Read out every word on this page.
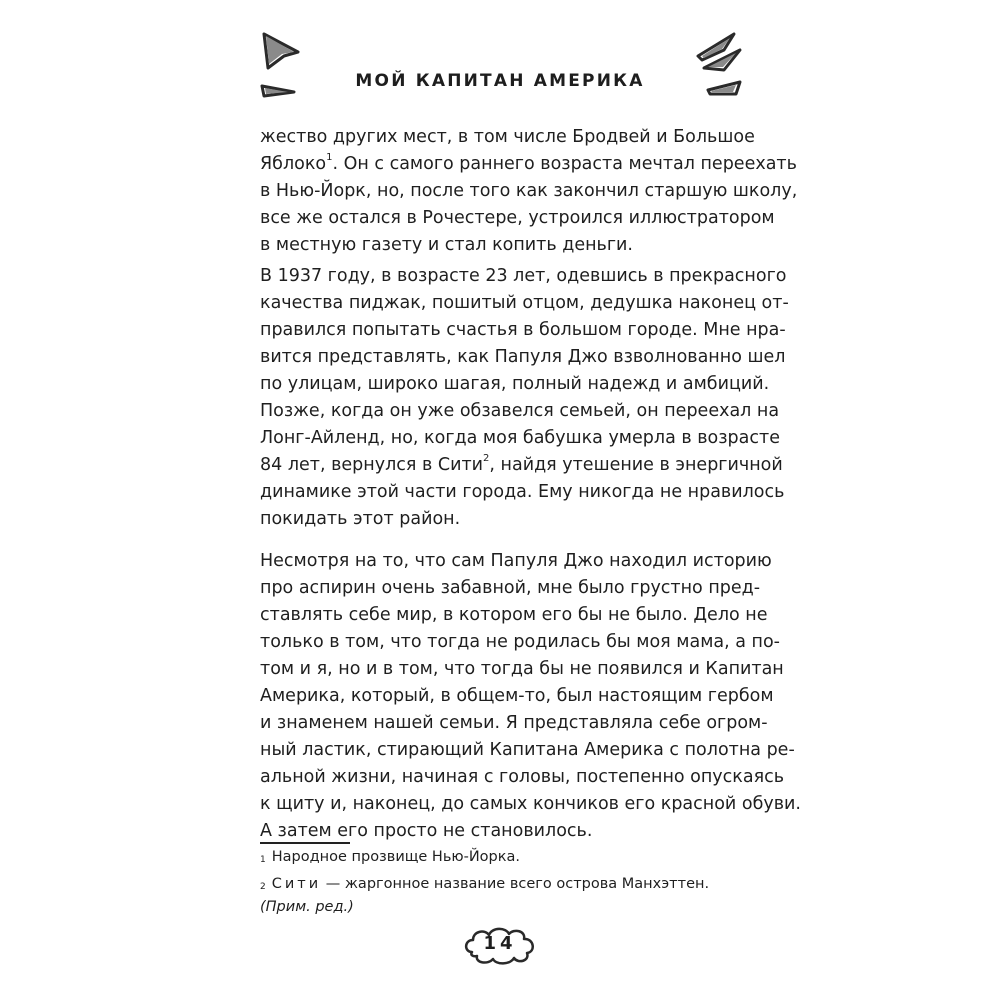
МОЙ КАПИТАН АМЕРИКА
жество других мест, в том числе Бродвей и Большое
Яблоко$^1$. Он с самого раннего возраста мечтал переехать
в Нью-Йорк, но, после того как закончил старшую школу,
все же остался в Рочестере, устроился иллюстратором
в местную газету и стал копить деньги.
В 1937 году, в возрасте 23 лет, одевшись в прекрасного
качества пиджак, пошитый отцом, дедушка наконец от-
правился попытать счастья в большом городе. Мне нра-
вится представлять, как Папуля Джо взволнованно шел
по улицам, широко шагая, полный надежд и амбиций.
Позже, когда он уже обзавелся семьей, он переехал на
Лонг-Айленд, но, когда моя бабушка умерла в возрасте
84 лет, вернулся в Сити$^2$, найдя утешение в энергичной
динамике этой части города. Ему никогда не нравилось
покидать этот район.
Несмотря на то, что сам Папуля Джо находил историю
про аспирин очень забавной, мне было грустно пред-
ставлять себе мир, в котором его бы не было. Дело не
только в том, что тогда не родилась бы моя мама, а по-
том и я, но и в том, что тогда бы не появился и Капитан
Америка, который, в общем-то, был настоящим гербом
и знаменем нашей семьи. Я представляла себе огром-
ный ластик, стирающий Капитана Америка с полотна ре-
альной жизни, начиная с головы, постепенно опускаясь
к щиту и, наконец, до самых кончиков его красной обуви.
А затем его просто не становилось.

$^1$ Народное прозвище Нью-Йорка.

$^2$ Сити — жаргонное название всего острова Манхэттен. (Прим. ред.)

14
